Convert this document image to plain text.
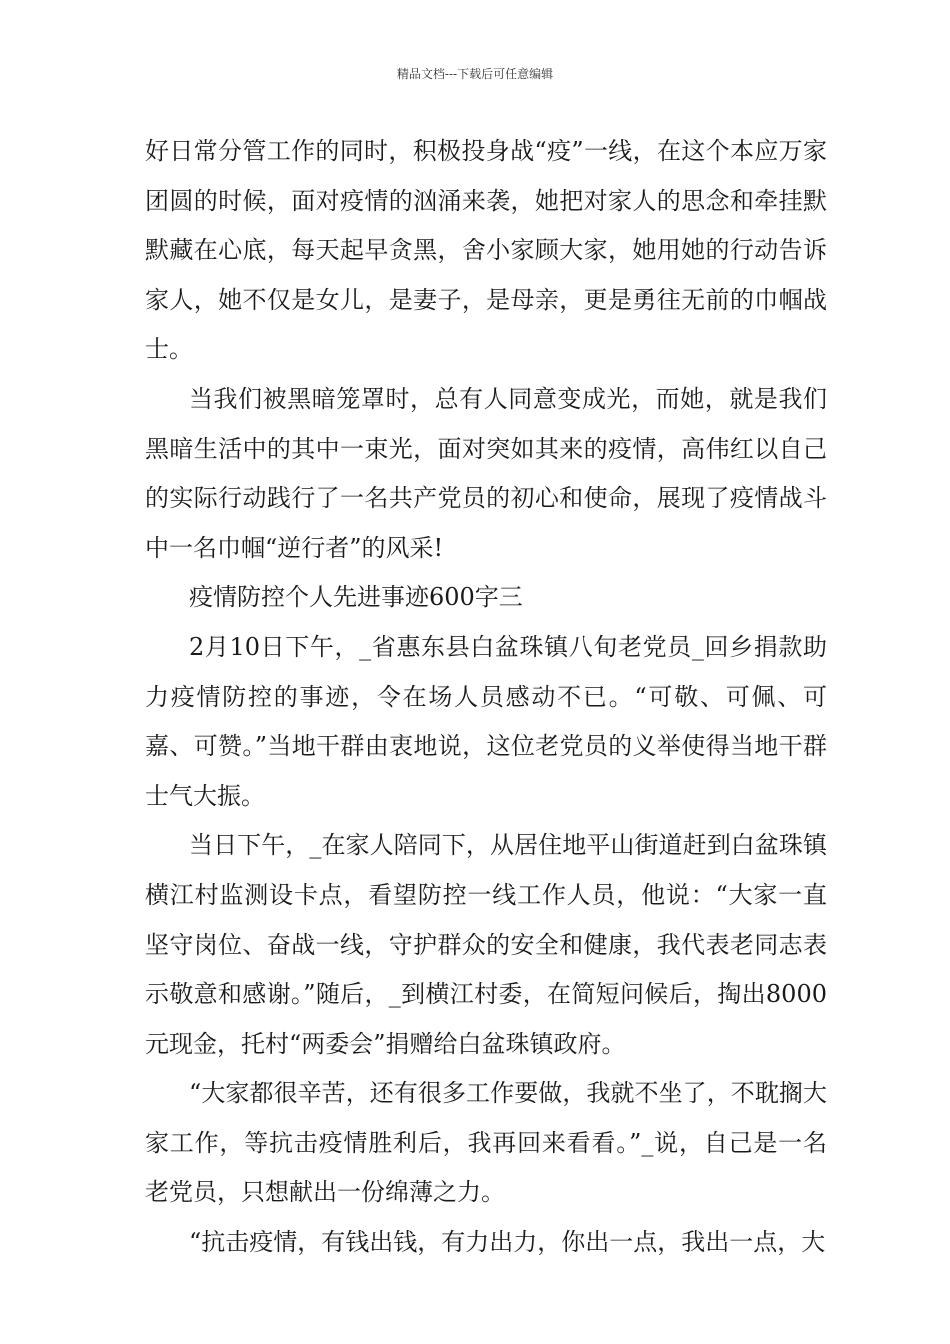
精品文档---下载后可任意编辑

好日常分管工作的同时，积极投身战“疫”一线，在这个本应万家团圆的时候，面对疫情的汹涌来袭，她把对家人的思念和牵挂默默藏在心底，每天起早贪黑，舍小家顾大家，她用她的行动告诉家人，她不仅是女儿，是妻子，是母亲，更是勇往无前的巾帼战士。

当我们被黑暗笼罩时，总有人同意变成光，而她，就是我们黑暗生活中的其中一束光，面对突如其来的疫情，高伟红以自己的实际行动践行了一名共产党员的初心和使命，展现了疫情战斗中一名巾帼“逆行者”的风采!

疫情防控个人先进事迹600字三

2月10日下午，_省惠东县白盆珠镇八旬老党员_回乡捐款助力疫情防控的事迹，令在场人员感动不已。“可敬、可佩、可嘉、可赞。”当地干群由衷地说，这位老党员的义举使得当地干群士气大振。

当日下午，_在家人陪同下，从居住地平山街道赶到白盆珠镇横江村监测设卡点，看望防控一线工作人员，他说：“大家一直坚守岗位、奋战一线，守护群众的安全和健康，我代表老同志表示敬意和感谢。”随后，_到横江村委，在简短问候后，掏出8000元现金，托村“两委会”捐赠给白盆珠镇政府。

“大家都很辛苦，还有很多工作要做，我就不坐了，不耽搁大家工作，等抗击疫情胜利后，我再回来看看。”_说，自己是一名老党员，只想献出一份绵薄之力。

“抗击疫情，有钱出钱，有力出力，你出一点，我出一点，大
